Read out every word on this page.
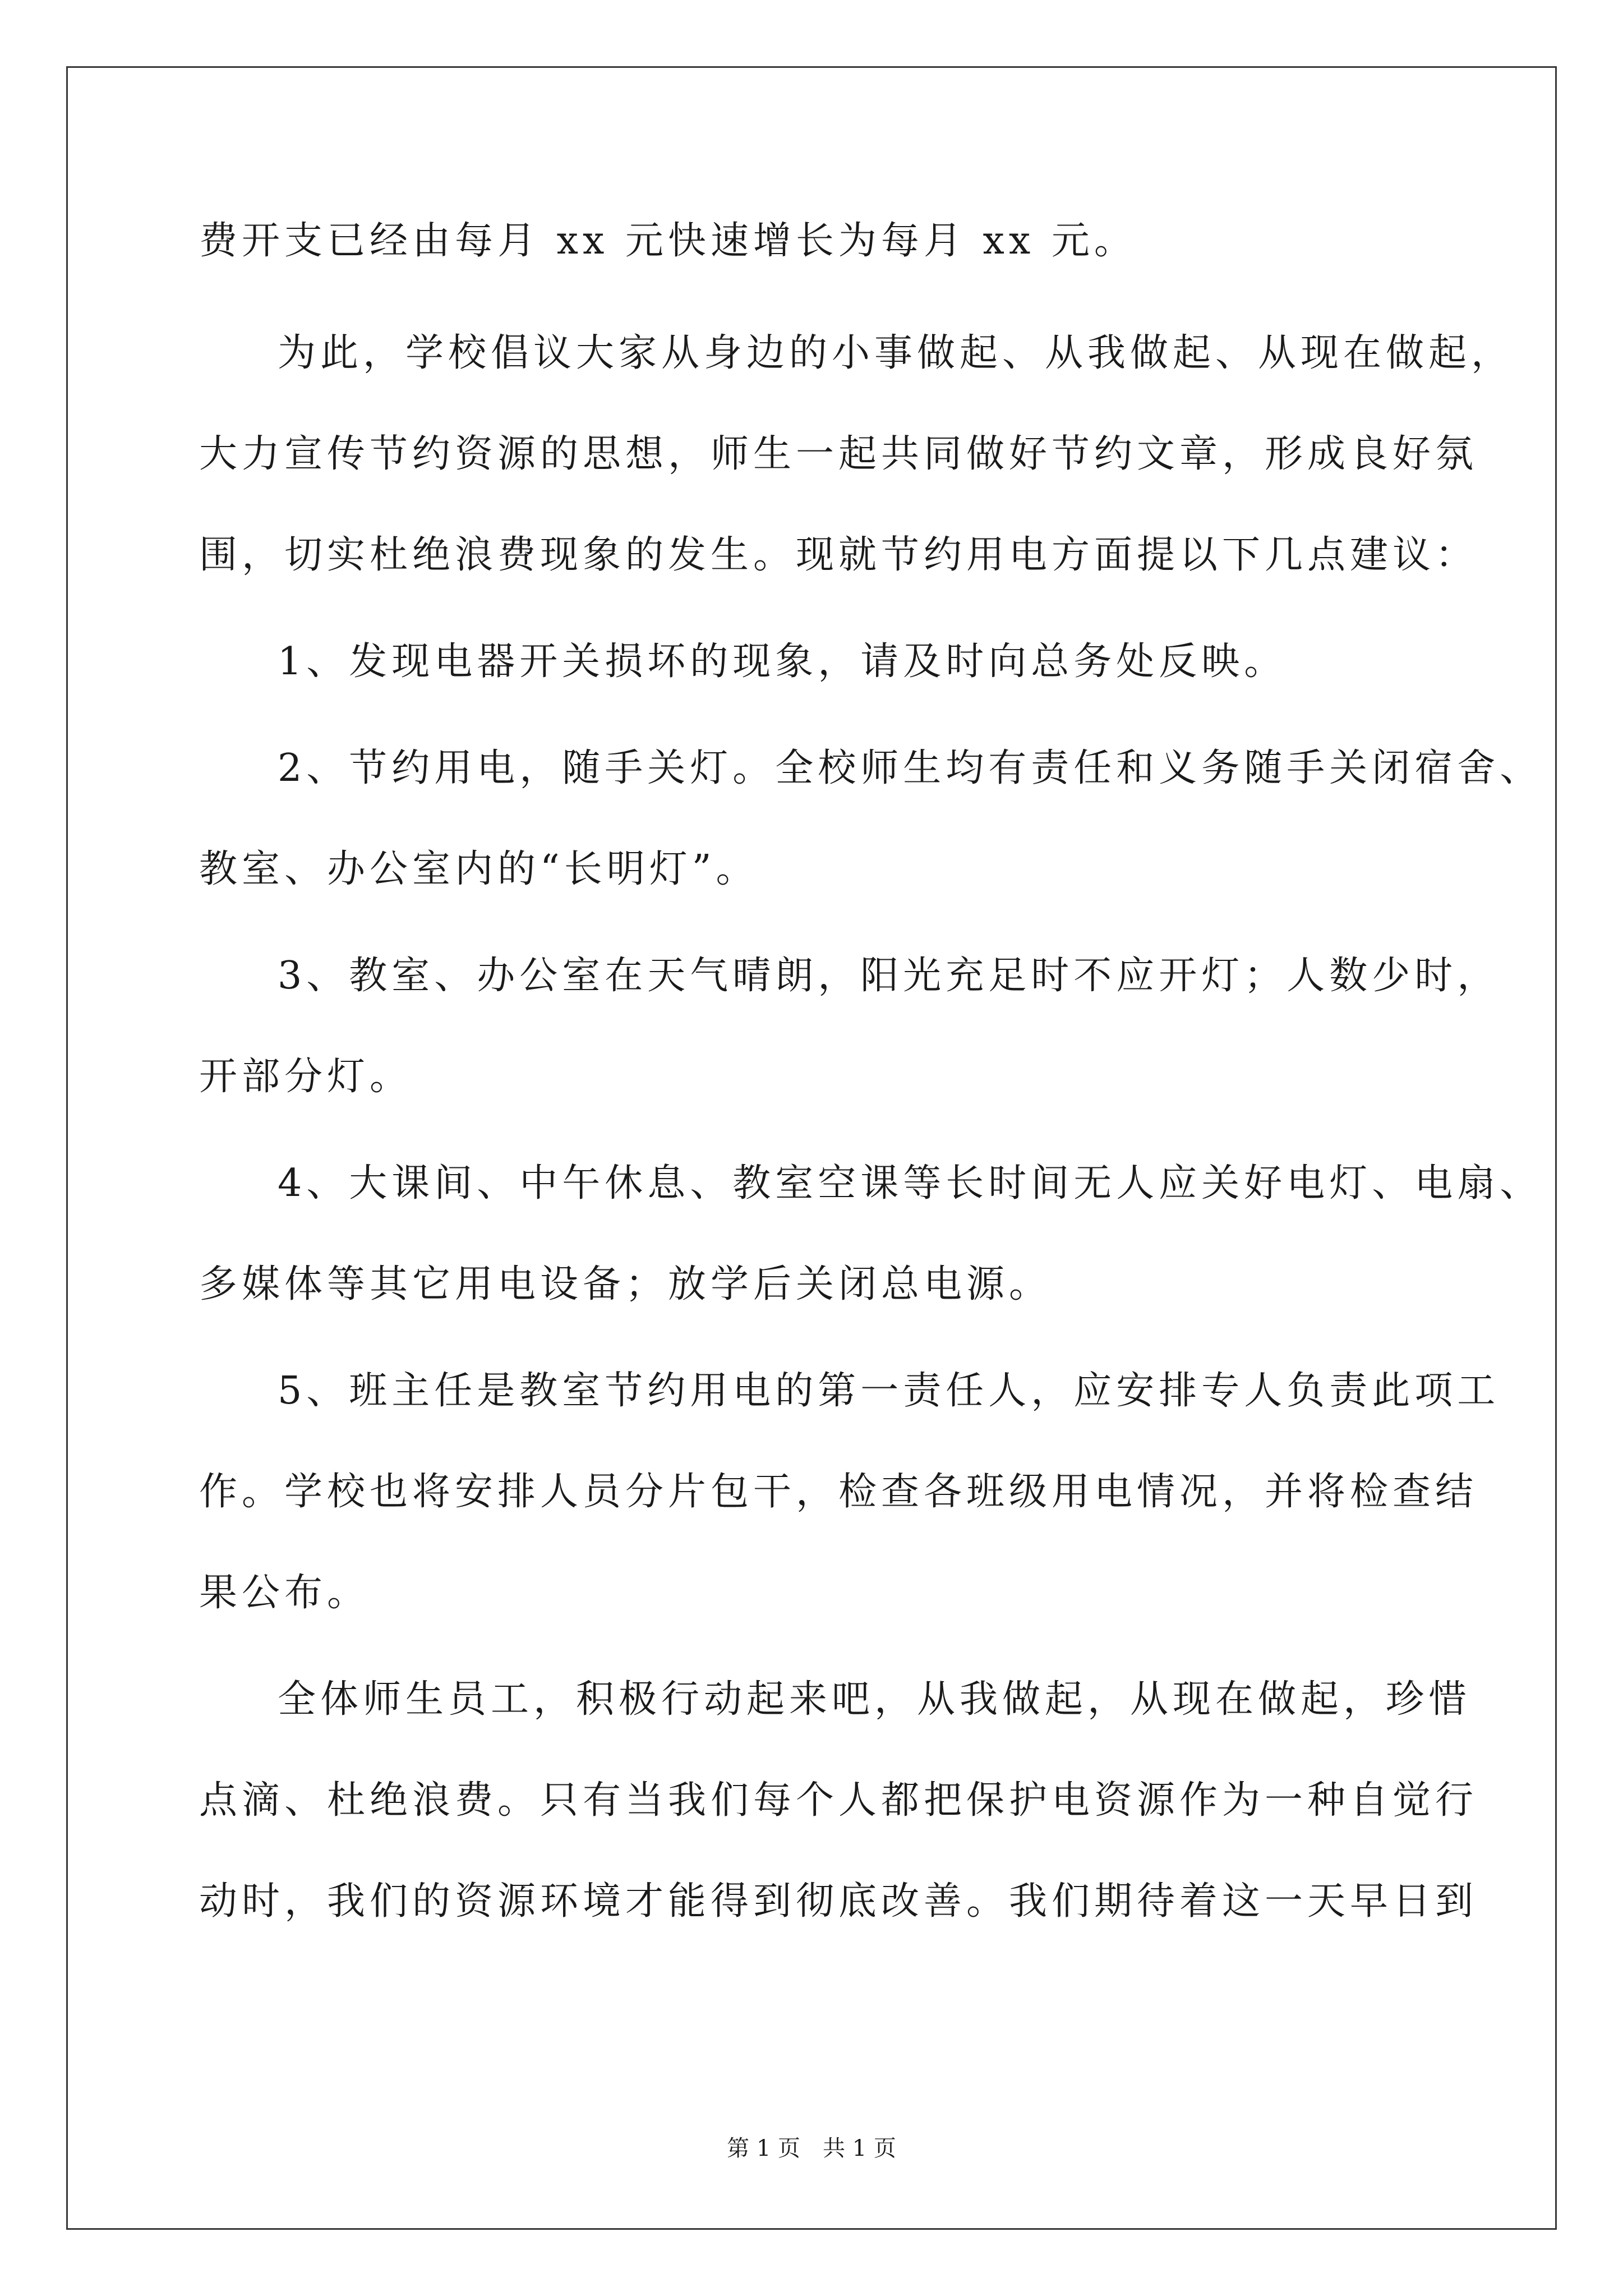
费开支已经由每月 xx 元快速增长为每月 xx 元。
为此，学校倡议大家从身边的小事做起、从我做起、从现在做起，
大力宣传节约资源的思想，师生一起共同做好节约文章，形成良好氛
围，切实杜绝浪费现象的发生。现就节约用电方面提以下几点建议：
1、发现电器开关损坏的现象，请及时向总务处反映。
2、节约用电，随手关灯。全校师生均有责任和义务随手关闭宿舍、
教室、办公室内的“长明灯”。
3、教室、办公室在天气晴朗，阳光充足时不应开灯；人数少时，
开部分灯。
4、大课间、中午休息、教室空课等长时间无人应关好电灯、电扇、
多媒体等其它用电设备；放学后关闭总电源。
5、班主任是教室节约用电的第一责任人，应安排专人负责此项工
作。学校也将安排人员分片包干，检查各班级用电情况，并将检查结
果公布。
全体师生员工，积极行动起来吧，从我做起，从现在做起，珍惜
点滴、杜绝浪费。只有当我们每个人都把保护电资源作为一种自觉行
动时，我们的资源环境才能得到彻底改善。我们期待着这一天早日到
第 1 页　共 1 页
